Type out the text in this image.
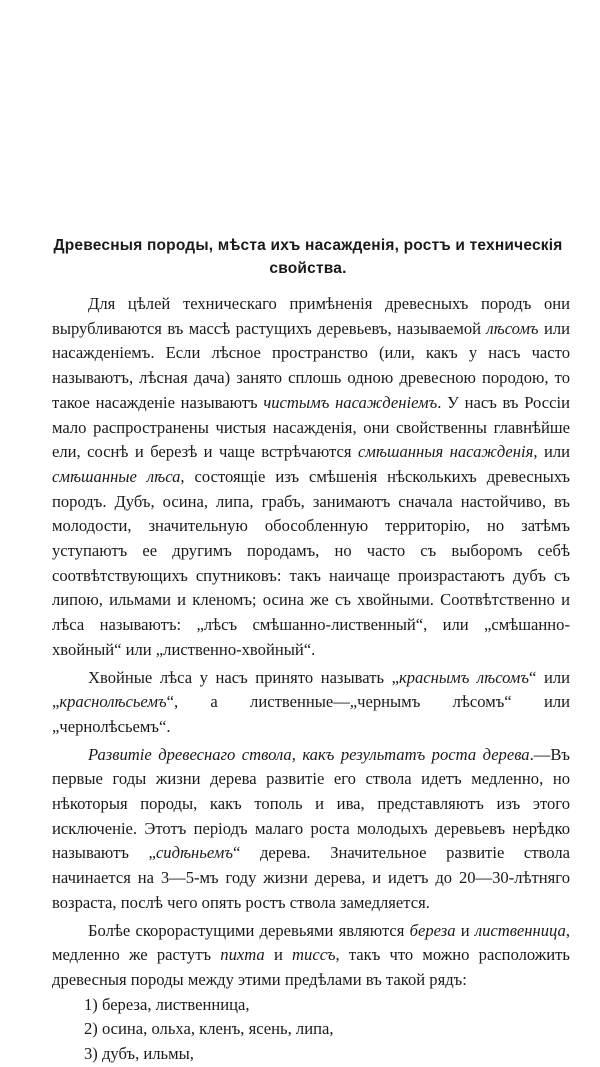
Древесныя породы, мѣста ихъ насажденія, ростъ и техническія
свойства.

Для цѣлей техническаго примѣненія древесныхъ породъ они вырубливаются въ массѣ растущихъ деревьевъ, называемой лѣсомъ или насажденіемъ. Если лѣсное пространство (или, какъ у насъ часто называютъ, лѣсная дача) занято сплошь одною древесною породою, то такое насажденіе называютъ чистымъ насажденіемъ. У насъ въ Россіи мало распространены чистыя насажденія, они свойственны главнѣйше ели, соснѣ и березѣ и чаще встрѣчаются смѣшанныя насажденія, или смѣшанные лѣса, состоящіе изъ смѣшенія нѣсколькихъ древесныхъ породъ. Дубъ, осина, липа, грабъ, занимаютъ сначала настойчиво, въ молодости, значительную обособленную территорію, но затѣмъ уступаютъ ее другимъ породамъ, но часто съ выборомъ себѣ соотвѣтствующихъ спутниковъ: такъ наичаще произрастаютъ дубъ съ липою, ильмами и кленомъ; осина же съ хвойными. Соотвѣтственно и лѣса называютъ: „лѣсъ смѣшанно-лиственный“, или „смѣшанно-хвойный“ или „лиственно-хвойный“.

Хвойные лѣса у насъ принято называть „краснымъ лѣсомъ“ или „краснолѣсьемъ“, а лиственные—„чернымъ лѣсомъ“ или „чернолѣсьемъ“.

Развитіе древеснаго ствола, какъ результатъ роста дерева.—Въ первые годы жизни дерева развитіе его ствола идетъ медленно, но нѣкоторыя породы, какъ тополь и ива, представляютъ изъ этого исключеніе. Этотъ періодъ малаго роста молодыхъ деревьевъ нерѣдко называютъ „сидѣньемъ“ дерева. Значительное развитіе ствола начинается на 3—5-мъ году жизни дерева, и идетъ до 20—30-лѣтняго возраста, послѣ чего опять ростъ ствола замедляется.

Болѣе скорорастущими деревьями являются береза и лиственница, медленно же растутъ пихта и тиссъ, такъ что можно расположить древесныя породы между этими предѣлами въ такой рядъ:

1) береза, лиственница,
2) осина, ольха, кленъ, ясень, липа,
3) дубъ, ильмы,
